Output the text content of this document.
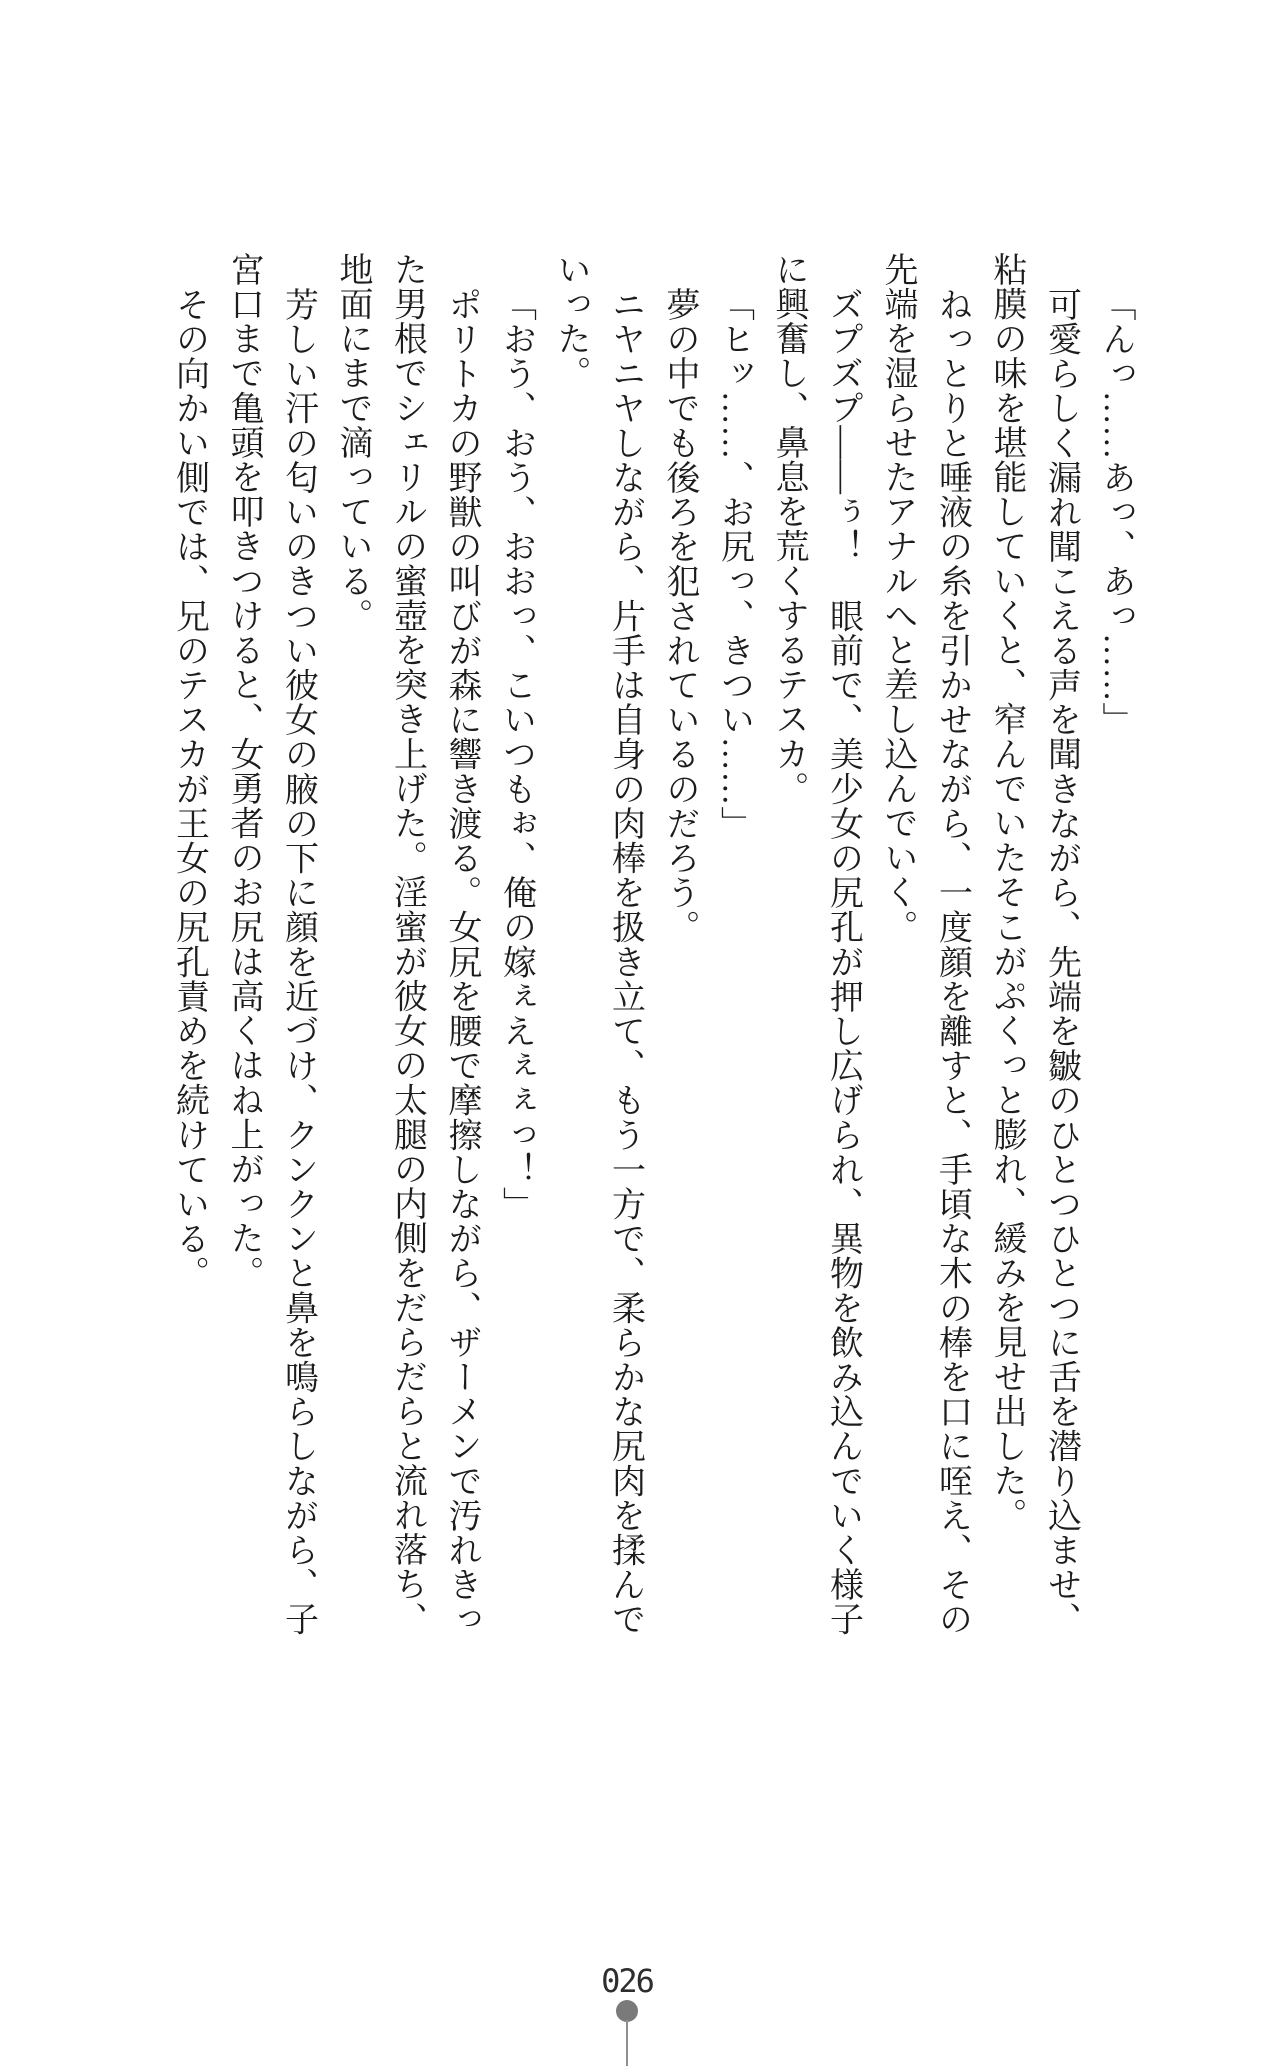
「んっ……あっ、あっ……」
可愛らしく漏れ聞こえる声を聞きながら、先端を皺のひとつひとつに舌を潜り込ませ、
粘膜の味を堪能していくと、窄んでいたそこがぷくっと膨れ、緩みを見せ出した。
ねっとりと唾液の糸を引かせながら、一度顔を離すと、手頃な木の棒を口に咥え、その
先端を湿らせたアナルへと差し込んでいく。
ズプズプ――ぅ！　眼前で、美少女の尻孔が押し広げられ、異物を飲み込んでいく様子
に興奮し、鼻息を荒くするテスカ。
「ヒッ……、お尻っ、きつい……」
夢の中でも後ろを犯されているのだろう。
ニヤニヤしながら、片手は自身の肉棒を扱き立て、もう一方で、柔らかな尻肉を揉んで
いった。
「おう、おう、おおっ、こいつもぉ、俺の嫁ぇえぇぇっ！」
ポリトカの野獣の叫びが森に響き渡る。女尻を腰で摩擦しながら、ザーメンで汚れきっ
た男根でシェリルの蜜壺を突き上げた。淫蜜が彼女の太腿の内側をだらだらと流れ落ち、
地面にまで滴っている。
芳しい汗の匂いのきつい彼女の腋の下に顔を近づけ、クンクンと鼻を鳴らしながら、子
宮口まで亀頭を叩きつけると、女勇者のお尻は高くはね上がった。
その向かい側では、兄のテスカが王女の尻孔責めを続けている。
026
